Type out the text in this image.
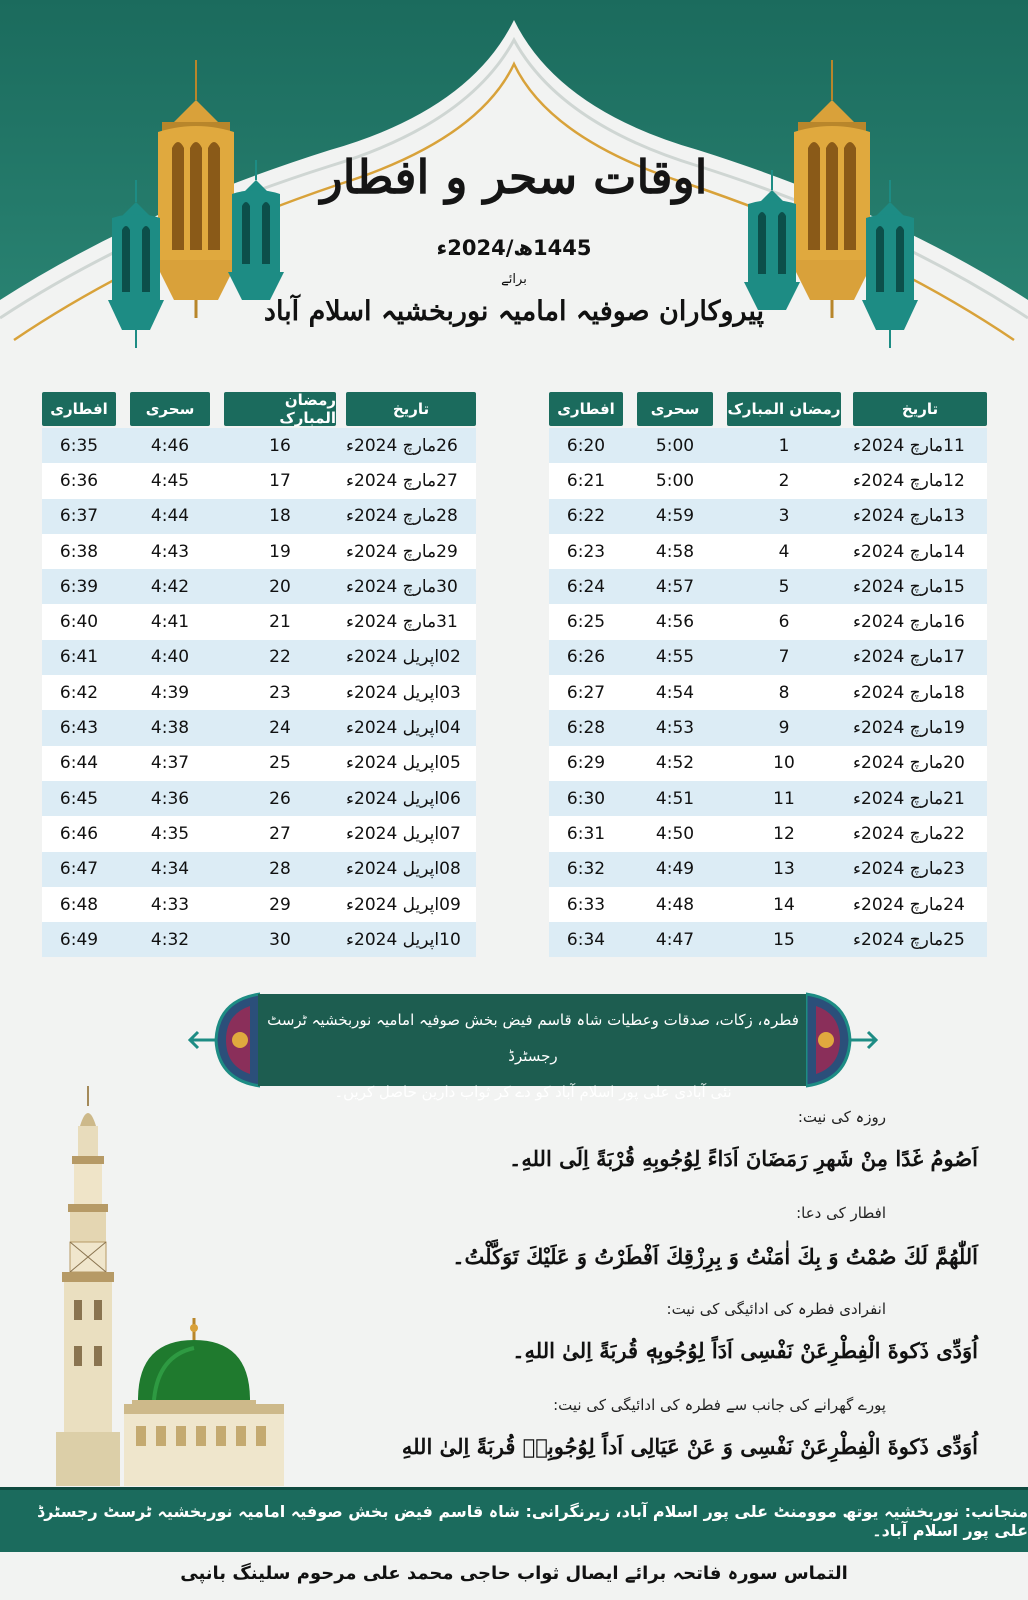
اوقات سحر و افطار
1445ھ/2024ء
برائے
پیروکاران صوفیہ امامیہ نوربخشیہ اسلام آباد
افطاری	سحری	رمضان المبارک	تاریخ
6:35	4:46	16	26مارچ 2024ء
6:36	4:45	17	27مارچ 2024ء
6:37	4:44	18	28مارچ 2024ء
6:38	4:43	19	29مارچ 2024ء
6:39	4:42	20	30مارچ 2024ء
6:40	4:41	21	31مارچ 2024ء
6:41	4:40	22	02اپریل 2024ء
6:42	4:39	23	03اپریل 2024ء
6:43	4:38	24	04اپریل 2024ء
6:44	4:37	25	05اپریل 2024ء
6:45	4:36	26	06اپریل 2024ء
6:46	4:35	27	07اپریل 2024ء
6:47	4:34	28	08اپریل 2024ء
6:48	4:33	29	09اپریل 2024ء
6:49	4:32	30	10اپریل 2024ء
افطاری	سحری	رمضان المبارک	تاریخ
6:20	5:00	1	11مارچ 2024ء
6:21	5:00	2	12مارچ 2024ء
6:22	4:59	3	13مارچ 2024ء
6:23	4:58	4	14مارچ 2024ء
6:24	4:57	5	15مارچ 2024ء
6:25	4:56	6	16مارچ 2024ء
6:26	4:55	7	17مارچ 2024ء
6:27	4:54	8	18مارچ 2024ء
6:28	4:53	9	19مارچ 2024ء
6:29	4:52	10	20مارچ 2024ء
6:30	4:51	11	21مارچ 2024ء
6:31	4:50	12	22مارچ 2024ء
6:32	4:49	13	23مارچ 2024ء
6:33	4:48	14	24مارچ 2024ء
6:34	4:47	15	25مارچ 2024ء
فطرہ، زکات، صدقات وعطیات شاہ قاسم فیض بخش صوفیہ امامیہ نوربخشیہ ٹرسٹ رجسٹرڈ
نئی آبادی علی پور اسلام آباد کو دے کر ثواب دارین حاصل کریں۔
روزہ کی نیت:
اَصُومُ غَدًا مِنْ شَهرِ رَمَضَانَ اَدَاءً لِوُجُوبِهِ قُرْبَةً اِلَى اللهِ۔
افطار کی دعا:
اَللّٰهُمَّ لَكَ صُمْتُ وَ بِكَ اٰمَنْتُ وَ بِرِزْقِكَ اَفْطَرْتُ وَ عَلَيْكَ تَوَكَّلْتُ۔
انفرادی فطرہ کی ادائیگی کی نیت:
اُوَدِّی ذَكوةَ الْفِطْرِعَنْ نَفْسِی اَدَاً لِوُجُوبِهٖ قُربَةً اِلیٰ اللهِ۔
پورے گھرانے کی جانب سے فطرہ کی ادائیگی کی نیت:
اُوَدِّی ذَكوةَ الْفِطْرِعَنْ نَفْسِی وَ عَنْ عَيَالِی اَداً لِوُجُوبِهٖ قُربَةً اِلیٰ اللهِ
منجانب: نوربخشیہ یوتھ موومنٹ علی پور اسلام آباد، زیرنگرانی: شاہ قاسم فیض بخش صوفیہ امامیہ نوربخشیہ ٹرسٹ رجسٹرڈ علی پور اسلام آباد۔
التماس سورہ فاتحہ برائے ایصال ثواب حاجی محمد علی مرحوم سلینگ بانپی
